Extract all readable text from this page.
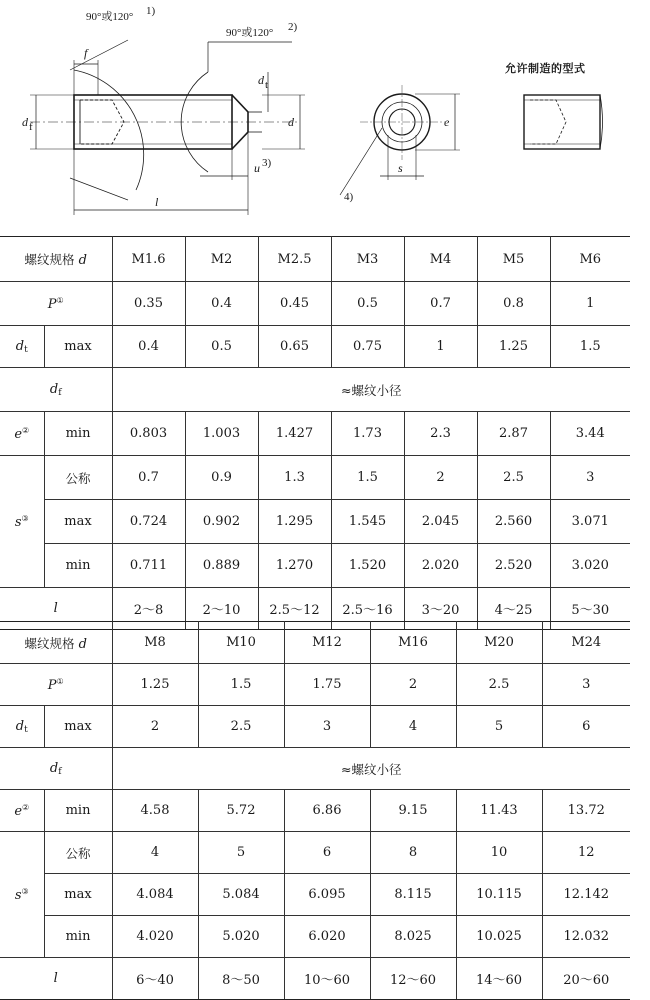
90°或120° 1)
90°或120° 2)
f
d f
d t
d
u 3)
l
e
s
4)
允许制造的型式
螺纹规格 d		M1.6	M2	M2.5	M3	M4	M5	M6
P①		0.35	0.4	0.45	0.5	0.7	0.8	1
$d_t$	max	0.4	0.5	0.65	0.75	1	1.25	1.5
$d_f$		≈螺纹小径						
e②	min	0.803	1.003	1.427	1.73	2.3	2.87	3.44
s③	公称	0.7	0.9	1.3	1.5	2	2.5	3
	max	0.724	0.902	1.295	1.545	2.045	2.560	3.071
	min	0.711	0.889	1.270	1.520	2.020	2.520	3.020
l		2～8	2～10	2.5～12	2.5～16	3～20	4～25	5～30
螺纹规格 d		M8	M10	M12	M16	M20	M24
P①		1.25	1.5	1.75	2	2.5	3
$d_t$	max	2	2.5	3	4	5	6
$d_f$		≈螺纹小径					
e②	min	4.58	5.72	6.86	9.15	11.43	13.72
s③	公称	4	5	6	8	10	12
	max	4.084	5.084	6.095	8.115	10.115	12.142
	min	4.020	5.020	6.020	8.025	10.025	12.032
l		6～40	8～50	10～60	12～60	14～60	20～60
